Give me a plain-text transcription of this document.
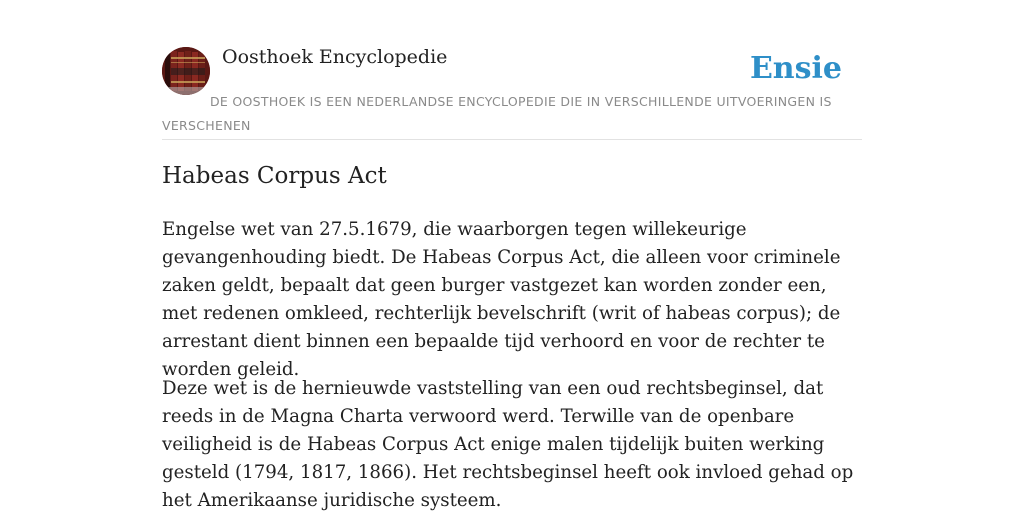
Oosthoek Encyclopedie	Ensie
DE OOSTHOEK IS EEN NEDERLANDSE ENCYCLOPEDIE DIE IN VERSCHILLENDE UITVOERINGEN IS VERSCHENEN
Habeas Corpus Act

Engelse wet van 27.5.1679, die waarborgen tegen willekeurige gevangenhouding biedt. De Habeas Corpus Act, die alleen voor criminele zaken geldt, bepaalt dat geen burger vastgezet kan worden zonder een, met redenen omkleed, rechterlijk bevelschrift (writ of habeas corpus); de arrestant dient binnen een bepaalde tijd verhoord en voor de rechter te worden geleid.

Deze wet is de hernieuwde vaststelling van een oud rechtsbeginsel, dat reeds in de Magna Charta verwoord werd. Terwille van de openbare veiligheid is de Habeas Corpus Act enige malen tijdelijk buiten werking gesteld (1794, 1817, 1866). Het rechtsbeginsel heeft ook invloed gehad op het Amerikaanse juridische systeem.
